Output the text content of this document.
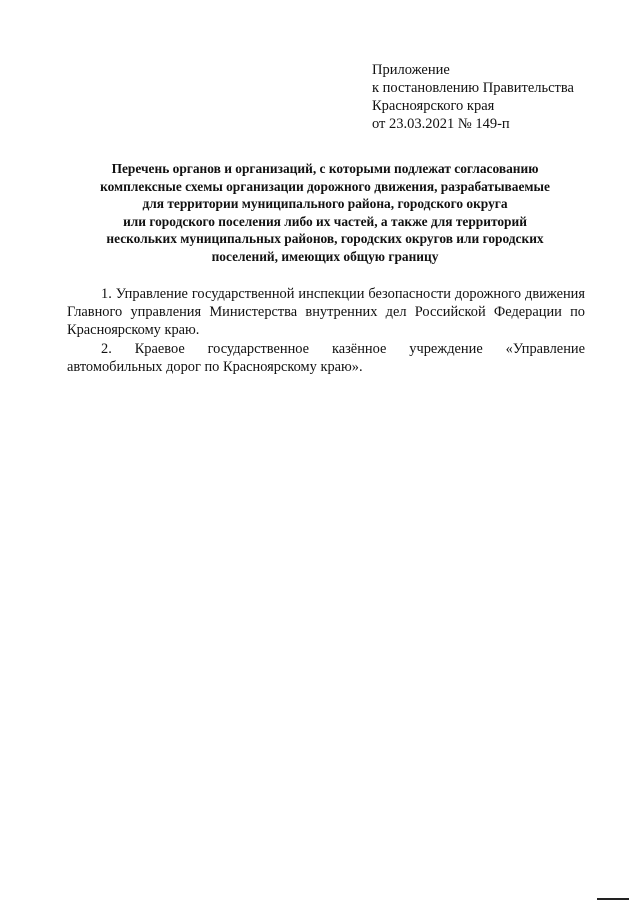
Приложение
к постановлению Правительства
Красноярского края
от 23.03.2021 № 149-п
Перечень органов и организаций, с которыми подлежат согласованию
комплексные схемы организации дорожного движения, разрабатываемые
для территории муниципального района, городского округа
или городского поселения либо их частей, а также для территорий
нескольких муниципальных районов, городских округов или городских
поселений, имеющих общую границу

1. Управление государственной инспекции безопасности дорожного движения Главного управления Министерства внутренних дел Российской Федерации по Красноярскому краю.

2. Краевое государственное казённое учреждение «Управление автомобильных дорог по Красноярскому краю».
